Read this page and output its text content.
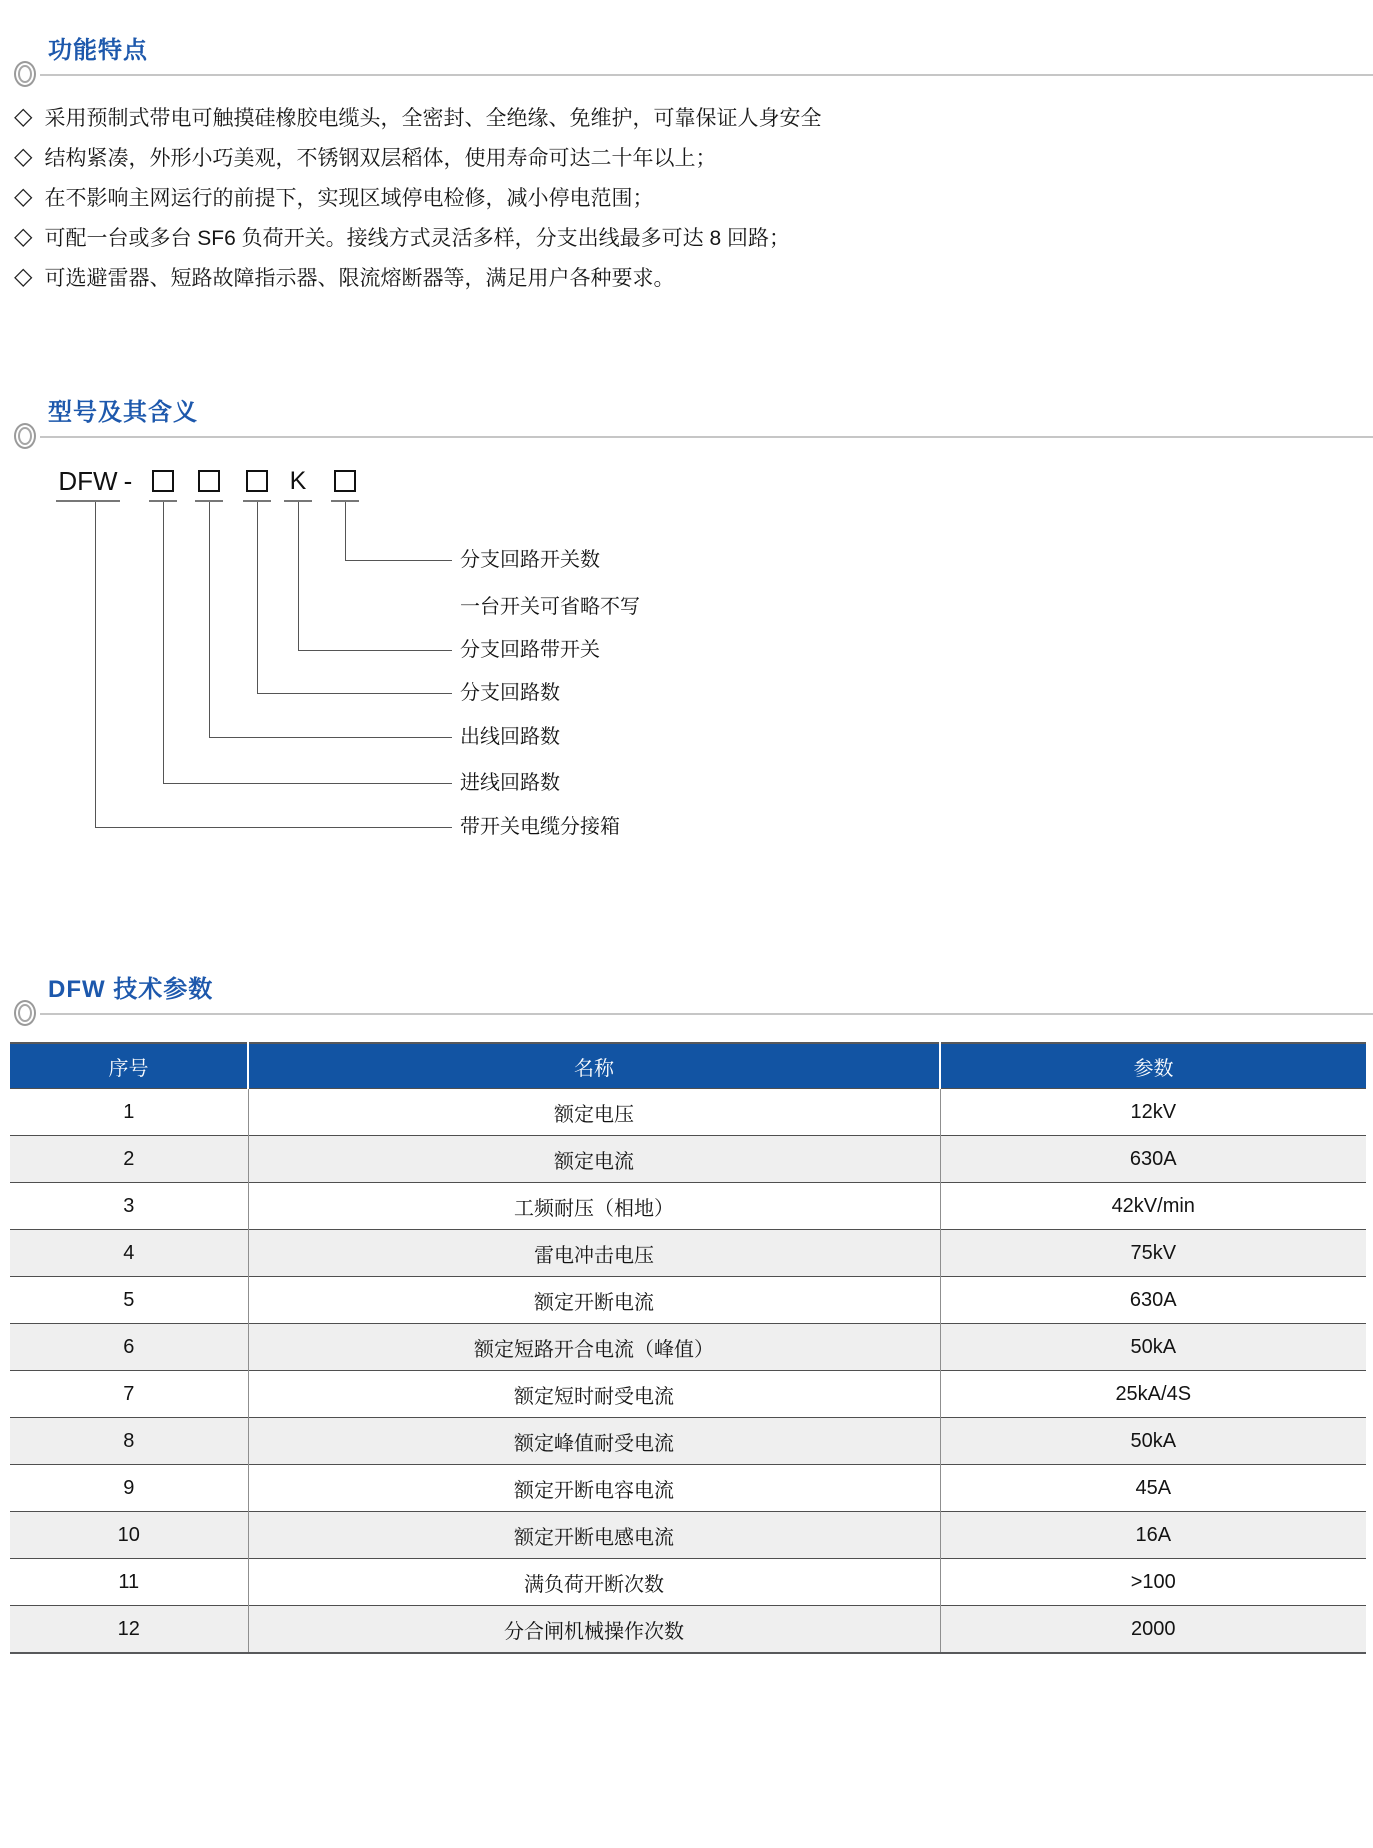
功能特点
◇ 采用预制式带电可触摸硅橡胶电缆头，全密封、全绝缘、免维护，可靠保证人身安全
◇ 结构紧凑，外形小巧美观，不锈钢双层稻体，使用寿命可达二十年以上；
◇ 在不影响主网运行的前提下，实现区域停电检修，减小停电范围；
◇ 可配一台或多台 SF6 负荷开关。接线方式灵活多样，分支出线最多可达 8 回路；
◇ 可选避雷器、短路故障指示器、限流熔断器等，满足用户各种要求。
型号及其含义
DFW -	K
分支回路开关数
一台开关可省略不写
分支回路带开关
分支回路数
出线回路数
进线回路数
带开关电缆分接箱
DFW 技术参数
序号	名称	参数
1	额定电压	12kV
2	额定电流	630A
3	工频耐压（相地）	42kV/min
4	雷电冲击电压	75kV
5	额定开断电流	630A
6	额定短路开合电流（峰值）	50kA
7	额定短时耐受电流	25kA/4S
8	额定峰值耐受电流	50kA
9	额定开断电容电流	45A
10	额定开断电感电流	16A
11	满负荷开断次数	>100
12	分合闸机械操作次数	2000
